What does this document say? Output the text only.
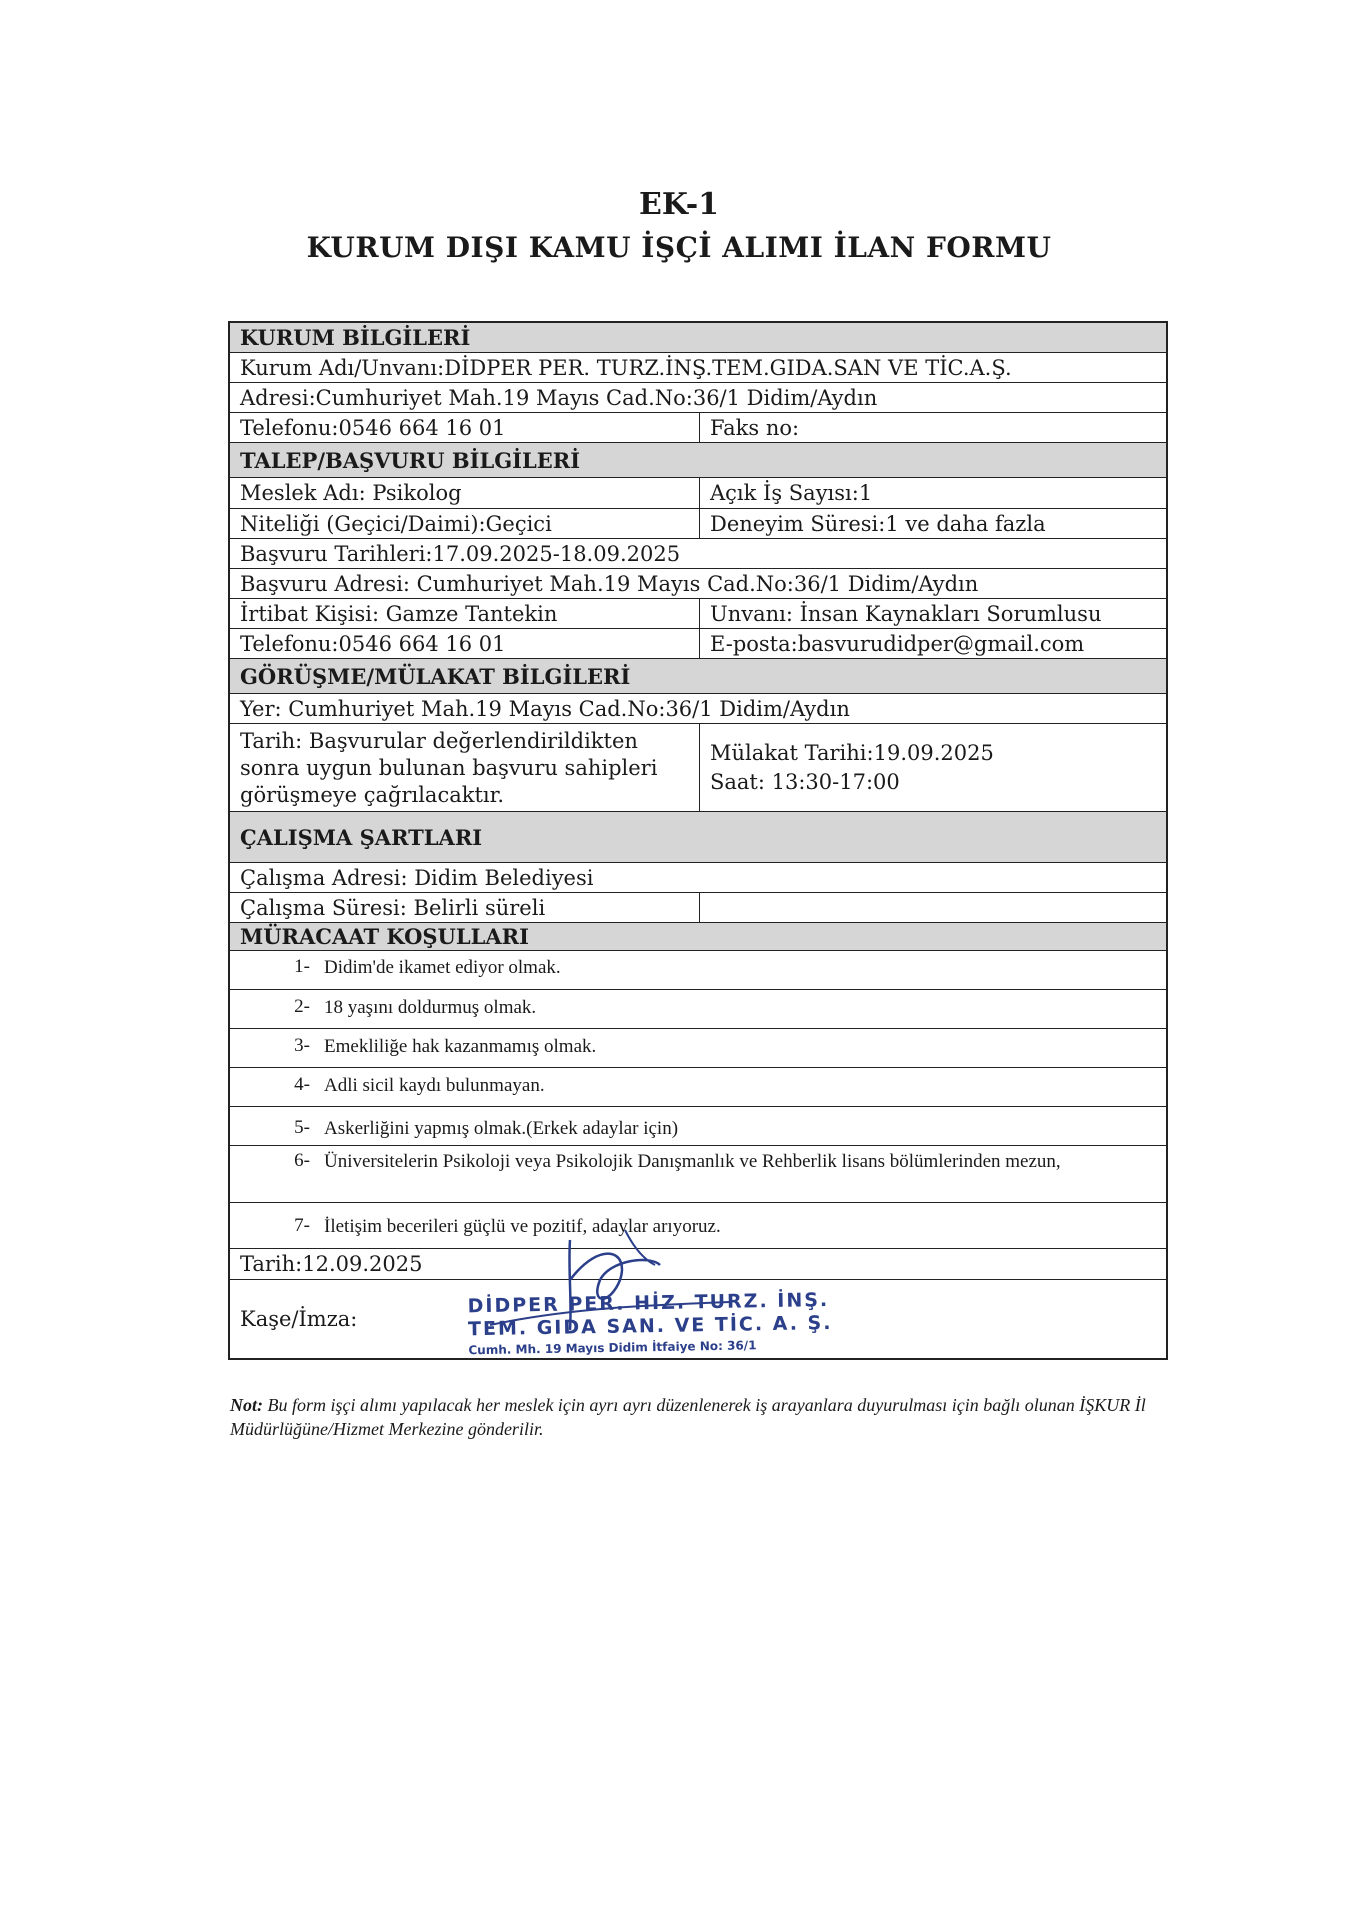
EK-1
KURUM DIŞI KAMU İŞÇİ ALIMI İLAN FORMU
KURUM BİLGİLERİ
Kurum Adı/Unvanı:DİDPER PER. TURZ.İNŞ.TEM.GIDA.SAN VE TİC.A.Ş.
Adresi:Cumhuriyet Mah.19 Mayıs Cad.No:36/1 Didim/Aydın
Telefonu:0546 664 16 01	Faks no:
TALEP/BAŞVURU BİLGİLERİ
Meslek Adı: Psikolog	Açık İş Sayısı:1
Niteliği (Geçici/Daimi):Geçici	Deneyim Süresi:1 ve daha fazla
Başvuru Tarihleri:17.09.2025-18.09.2025
Başvuru Adresi: Cumhuriyet Mah.19 Mayıs Cad.No:36/1 Didim/Aydın
İrtibat Kişisi: Gamze Tantekin	Unvanı: İnsan Kaynakları Sorumlusu
Telefonu:0546 664 16 01	E-posta:basvurudidper@gmail.com
GÖRÜŞME/MÜLAKAT BİLGİLERİ
Yer: Cumhuriyet Mah.19 Mayıs Cad.No:36/1 Didim/Aydın
Tarih: Başvurular değerlendirildikten sonra uygun bulunan başvuru sahipleri görüşmeye çağrılacaktır.
Mülakat Tarihi:19.09.2025
Saat: 13:30-17:00
ÇALIŞMA ŞARTLARI
Çalışma Adresi: Didim Belediyesi
Çalışma Süresi: Belirli süreli
MÜRACAAT KOŞULLARI
1- Didim'de ikamet ediyor olmak.
2- 18 yaşını doldurmuş olmak.
3- Emekliliğe hak kazanmamış olmak.
4- Adli sicil kaydı bulunmayan.
5- Askerliğini yapmış olmak.(Erkek adaylar için)
6- Üniversitelerin Psikoloji veya Psikolojik Danışmanlık ve Rehberlik lisans bölümlerinden mezun,
7- İletişim becerileri güçlü ve pozitif, adaylar arıyoruz.
Tarih:12.09.2025
Kaşe/İmza:
DİDPER PER. HİZ. TURZ. İNŞ.
TEM. GIDA SAN. VE TİC. A. Ş.
Cumh. Mh. 19 Mayıs Didim İtfaiye No: 36/1
Not: Bu form işçi alımı yapılacak her meslek için ayrı ayrı düzenlenerek iş arayanlara duyurulması için bağlı olunan İŞKUR İl Müdürlüğüne/Hizmet Merkezine gönderilir.
